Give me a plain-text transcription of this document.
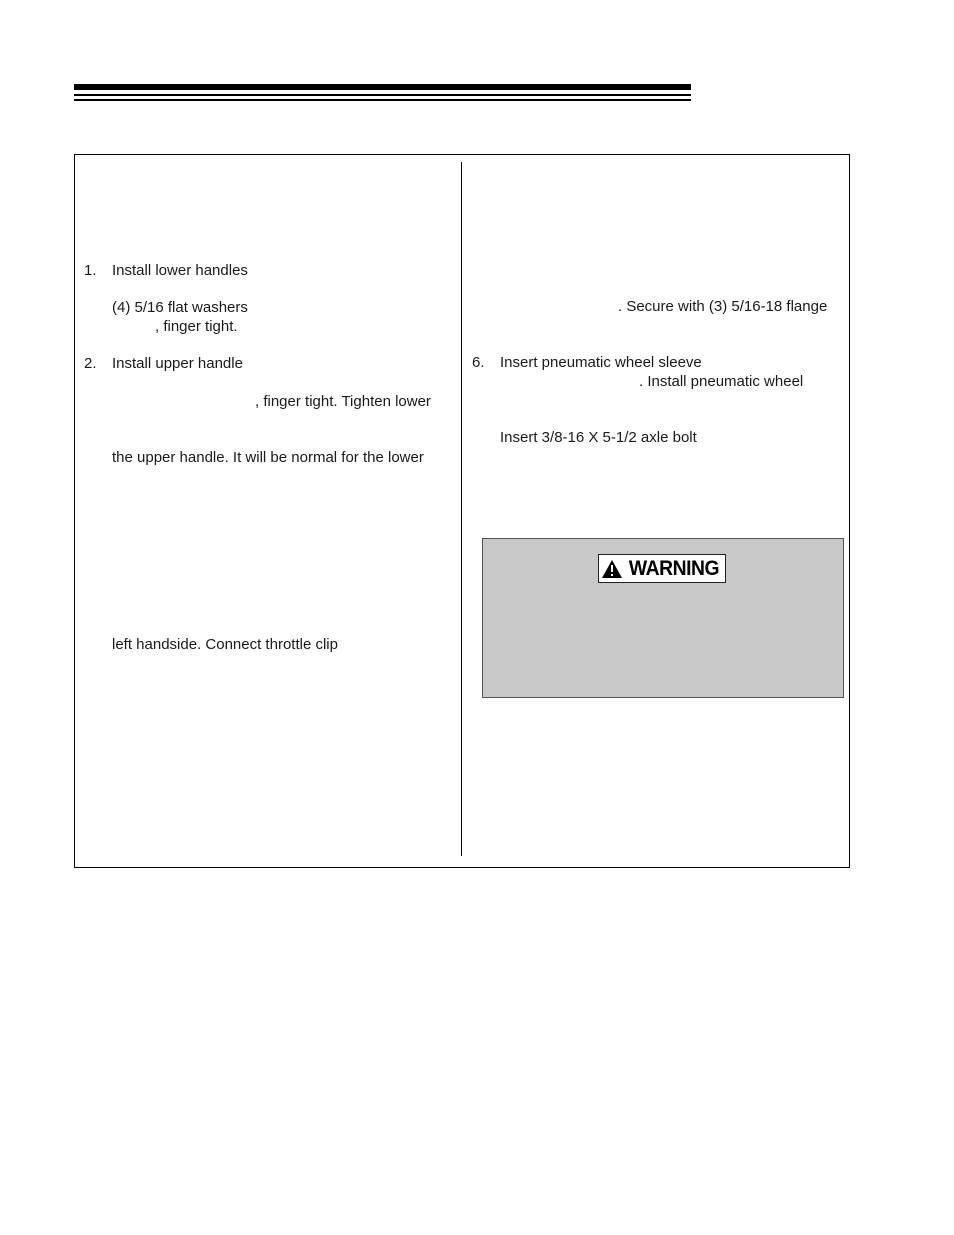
1. Install lower handles
(4) 5/16 flat washers
, finger tight.
2. Install upper handle
, finger tight. Tighten lower
the upper handle. It will be normal for the lower
left handside. Connect throttle clip
. Secure with (3) 5/16-18 flange
6. Insert pneumatic wheel sleeve
. Install pneumatic wheel
Insert 3/8-16 X 5-1/2 axle bolt
WARNING
